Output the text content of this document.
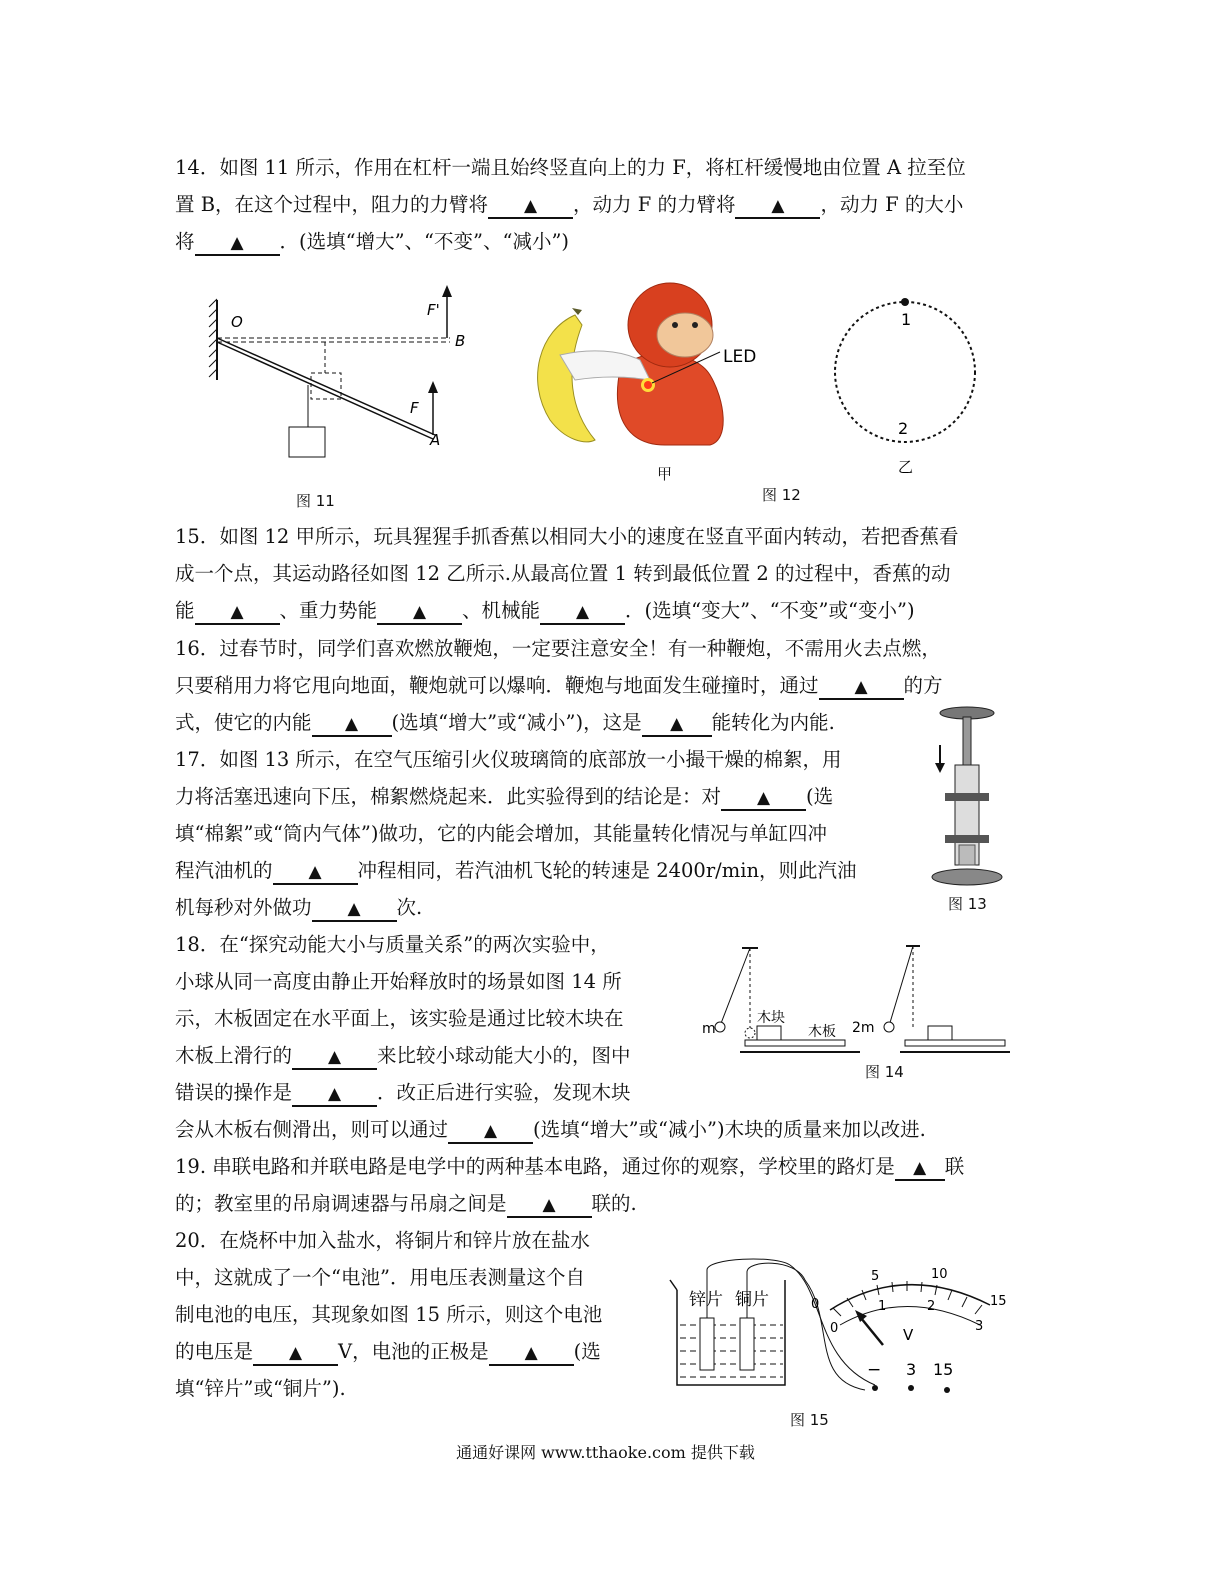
14．如图 11 所示，作用在杠杆一端且始终竖直向上的力 F，将杠杆缓慢地由位置 A 拉至位
置 B，在这个过程中，阻力的力臂将 ▲ ，动力 F 的力臂将 ▲ ，动力 F 的大小
将 ▲ ．(选填“增大”、“不变”、“减小”)
O
B
A
F'
F
图 11
LED
甲
1
2
乙
图 12
15．如图 12 甲所示，玩具猩猩手抓香蕉以相同大小的速度在竖直平面内转动，若把香蕉看
成一个点，其运动路径如图 12 乙所示.从最高位置 1 转到最低位置 2 的过程中，香蕉的动
能 ▲ 、重力势能 ▲ 、机械能 ▲ ．(选填“变大”、“不变”或“变小”)
16．过春节时，同学们喜欢燃放鞭炮，一定要注意安全！有一种鞭炮，不需用火去点燃，
只要稍用力将它甩向地面，鞭炮就可以爆响．鞭炮与地面发生碰撞时，通过 ▲ 的方
式，使它的内能 ▲ (选填“增大”或“减小”)，这是 ▲ 能转化为内能.
图 13
17．如图 13 所示，在空气压缩引火仪玻璃筒的底部放一小撮干燥的棉絮，用
力将活塞迅速向下压，棉絮燃烧起来．此实验得到的结论是：对 ▲ (选
填“棉絮”或“筒内气体”)做功，它的内能会增加，其能量转化情况与单缸四冲
程汽油机的 ▲ 冲程相同，若汽油机飞轮的转速是 2400r/min，则此汽油
机每秒对外做功 ▲ 次.
18．在“探究动能大小与质量关系”的两次实验中，
小球从同一高度由静止开始释放时的场景如图 14 所
示，木板固定在水平面上，该实验是通过比较木块在
木板上滑行的 ▲ 来比较小球动能大小的，图中
错误的操作是 ▲ ．改正后进行实验，发现木块
会从木板右侧滑出，则可以通过 ▲ (选填“增大”或“减小”)木块的质量来加以改进.
m
木块
木板 2m
图 14
19. 串联电路和并联电路是电学中的两种基本电路，通过你的观察，学校里的路灯是 ▲ 联
的；教室里的吊扇调速器与吊扇之间是 ▲ 联的.
20．在烧杯中加入盐水，将铜片和锌片放在盐水
中，这就成了一个“电池”．用电压表测量这个自
制电池的电压，其现象如图 15 所示，则这个电池
的电压是 ▲ V，电池的正极是 ▲ (选
填“锌片”或“铜片”).
锌片 铜片	0
5	10
15
0
1	2
3
V
− 3 15
图 15
通通好课网 www.tthaoke.com 提供下载
